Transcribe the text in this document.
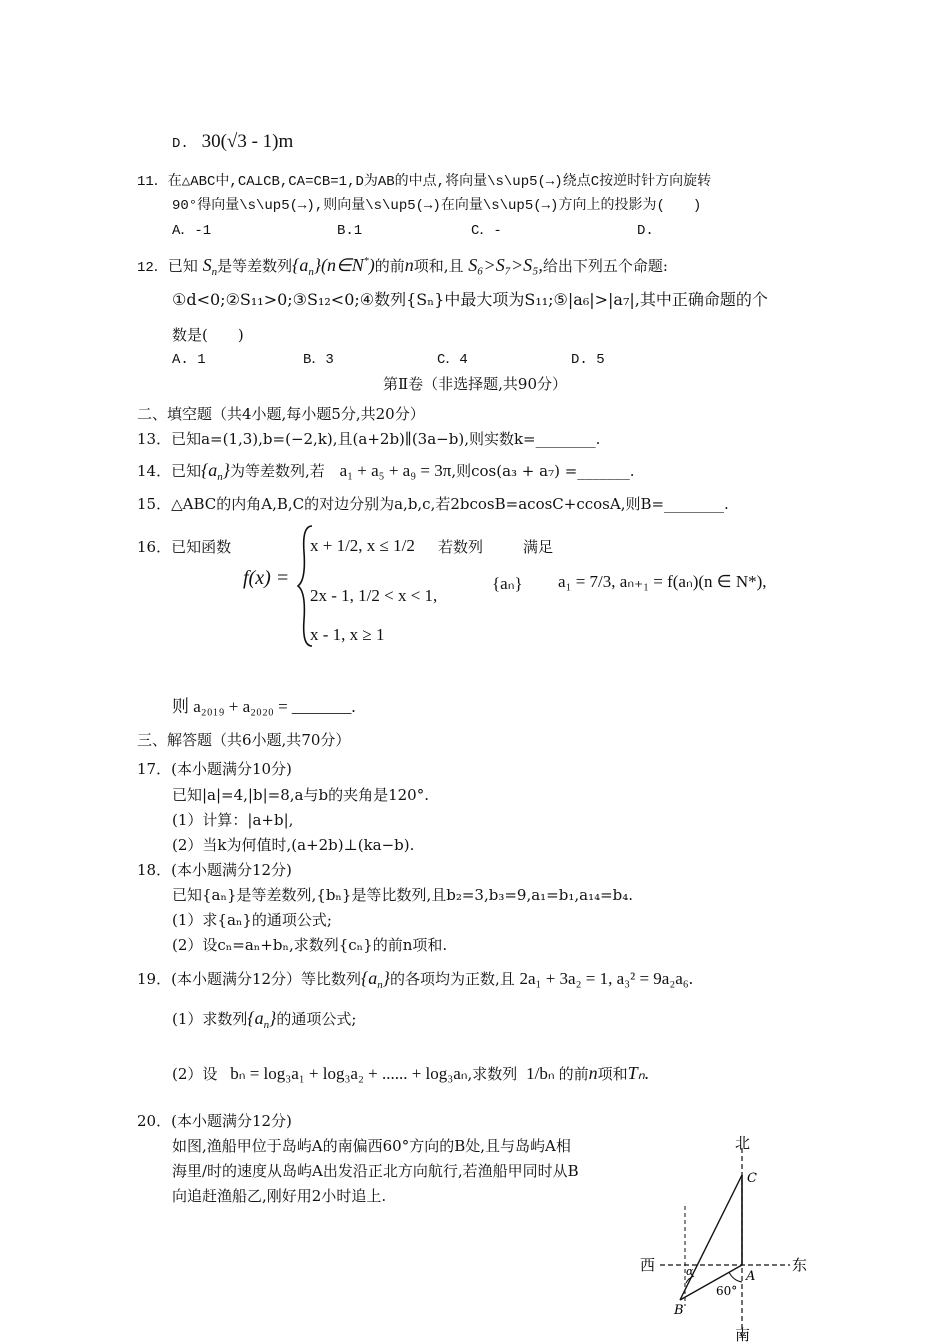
D. 30(√3 - 1)m
11．在△ABC中,CA⊥CB,CA=CB=1,D为AB的中点,将向量\s\up5(→)绕点C按逆时针方向旋转
90°得向量\s\up5(→),则向量\s\up5(→)在向量\s\up5(→)方向上的投影为(　　)
A．-1	B.1	C．-	D.
12．已知 $S_n$是等差数列$\{a_n\}(n\in N^*)$的前n项和,且 S₆>S₇>S₅,给出下列五个命题:
①d<0;②S₁₁>0;③S₁₂<0;④数列{Sₙ}中最大项为S₁₁;⑤|a₆|>|a₇|,其中正确命题的个
数是(　　)
A. 1	B．3	C．4	D. 5
第Ⅱ卷（非选择题,共90分）
二、填空题（共4小题,每小题5分,共20分）
13．已知a=(1,3),b=(−2,k),且(a+2b)∥(3a−b),则实数k=________.
14．已知$\{a_n\}$为等差数列,若 a₁ + a₅ + a₉ = 3π,则cos(a₃ + a₇) =_______.
15．△ABC的内角A,B,C的对边分别为a,b,c,若2bcosB=acosC+ccosA,则B=________.
16．已知函数
f(x) =
x + 1/2, x ≤ 1/2
2x - 1, 1/2 < x < 1,
x - 1, x ≥ 1
若数列	满足
{aₙ} a₁ = 7/3, aₙ₊₁ = f(aₙ)(n ∈ N*),
则 a₂₀₁₉ + a₂₀₂₀ = _______.
三、解答题（共6小题,共70分）
17．(本小题满分10分)
已知|a|=4,|b|=8,a与b的夹角是120°.
(1）计算：|a+b|,
(2）当k为何值时,(a+2b)⊥(ka−b).
18．(本小题满分12分)
已知{aₙ}是等差数列,{bₙ}是等比数列,且b₂=3,b₃=9,a₁=b₁,a₁₄=b₄.
(1）求{aₙ}的通项公式;
(2）设cₙ=aₙ+bₙ,求数列{cₙ}的前n项和.
19．(本小题满分12分）等比数列$\{a_n\}$的各项均为正数,且 2a₁ + 3a₂ = 1, a₃² = 9a₂a₆.
(1）求数列$\{a_n\}$的通项公式;
(2）设 bₙ = log₃a₁ + log₃a₂ + ...... + log₃aₙ,求数列 1/bₙ 的前n项和Tₙ.
20．(本小题满分12分)
如图,渔船甲位于岛屿A的南偏西60°方向的B处,且与岛屿A相
海里/时的速度从岛屿A出发沿正北方向航行,若渔船甲同时从B
向追赶渔船乙,刚好用2小时追上.
北
南
西	东
C
A
B
α
60°
